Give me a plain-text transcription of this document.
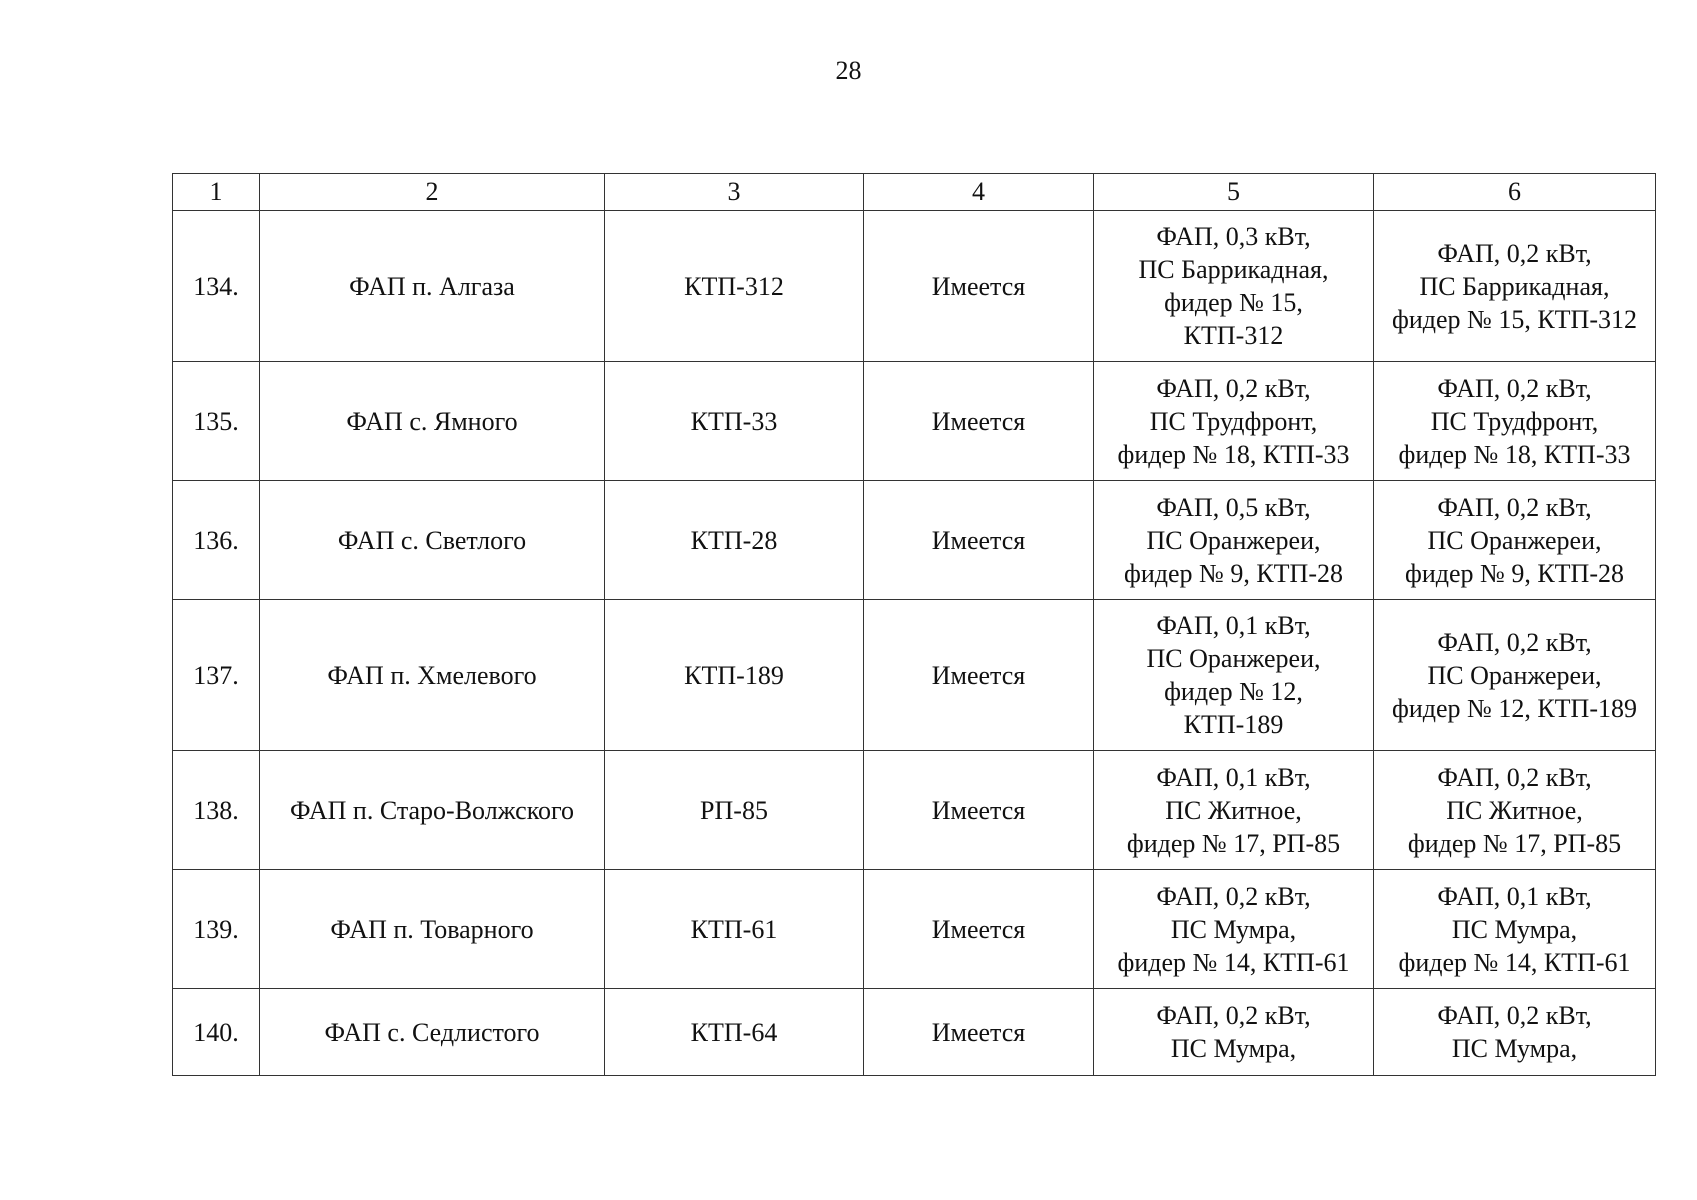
28
1	2	3	4	5	6
134.	ФАП п. Алгаза	КТП-312	Имеется	ФАП, 0,3 кВт,
ПС Баррикадная,
фидер № 15,
КТП-312	ФАП, 0,2 кВт,
ПС Баррикадная,
фидер № 15, КТП-312
135.	ФАП с. Ямного	КТП-33	Имеется	ФАП, 0,2 кВт,
ПС Трудфронт,
фидер № 18, КТП-33	ФАП, 0,2 кВт,
ПС Трудфронт,
фидер № 18, КТП-33
136.	ФАП с. Светлого	КТП-28	Имеется	ФАП, 0,5 кВт,
ПС Оранжереи,
фидер № 9, КТП-28	ФАП, 0,2 кВт,
ПС Оранжереи,
фидер № 9, КТП-28
137.	ФАП п. Хмелевого	КТП-189	Имеется	ФАП, 0,1 кВт,
ПС Оранжереи,
фидер № 12,
КТП-189	ФАП, 0,2 кВт,
ПС Оранжереи,
фидер № 12, КТП-189
138.	ФАП п. Старо-Волжского	РП-85	Имеется	ФАП, 0,1 кВт,
ПС Житное,
фидер № 17, РП-85	ФАП, 0,2 кВт,
ПС Житное,
фидер № 17, РП-85
139.	ФАП п. Товарного	КТП-61	Имеется	ФАП, 0,2 кВт,
ПС Мумра,
фидер № 14, КТП-61	ФАП, 0,1 кВт,
ПС Мумра,
фидер № 14, КТП-61
140.	ФАП с. Седлистого	КТП-64	Имеется	ФАП, 0,2 кВт,
ПС Мумра,	ФАП, 0,2 кВт,
ПС Мумра,
